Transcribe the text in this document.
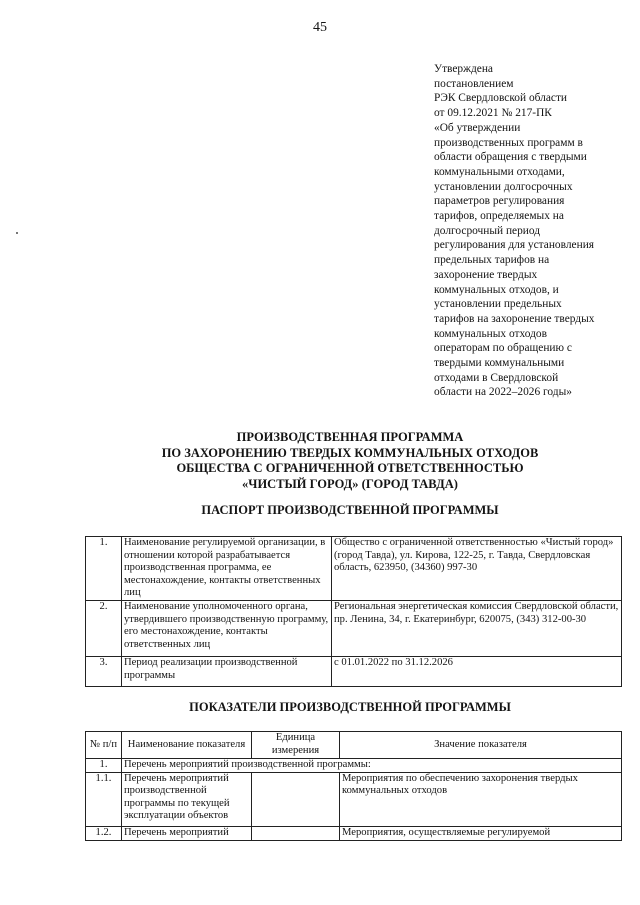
45
Утверждена
постановлением
РЭК Свердловской области
от 09.12.2021 № 217-ПК
«Об утверждении
производственных программ в
области обращения с твердыми
коммунальными отходами,
установлении долгосрочных
параметров регулирования
тарифов, определяемых на
долгосрочный период
регулирования для установления
предельных тарифов на
захоронение твердых
коммунальных отходов, и
установлении предельных
тарифов на захоронение твердых
коммунальных отходов
операторам по обращению с
твердыми коммунальными
отходами в Свердловской
области на 2022–2026 годы»
ПРОИЗВОДСТВЕННАЯ ПРОГРАММА
ПО ЗАХОРОНЕНИЮ ТВЕРДЫХ КОММУНАЛЬНЫХ ОТХОДОВ
ОБЩЕСТВА С ОГРАНИЧЕННОЙ ОТВЕТСТВЕННОСТЬЮ
«ЧИСТЫЙ ГОРОД» (ГОРОД ТАВДА)
ПАСПОРТ ПРОИЗВОДСТВЕННОЙ ПРОГРАММЫ
1.	Наименование регулируемой организации, в отношении которой разрабатывается производственная программа, ее местонахождение, контакты ответственных лиц	Общество с ограниченной ответственностью «Чистый город» (город Тавда), ул. Кирова, 122-25, г. Тавда, Свердловская область, 623950, (34360) 997-30
2.	Наименование уполномоченного органа, утвердившего производственную программу, его местонахождение, контакты ответственных лиц	Региональная энергетическая комиссия Свердловской области, пр. Ленина, 34, г. Екатеринбург, 620075, (343) 312-00-30
3.	Период реализации производственной программы	с 01.01.2022 по 31.12.2026
ПОКАЗАТЕЛИ ПРОИЗВОДСТВЕННОЙ ПРОГРАММЫ
№ п/п	Наименование показателя	Единица измерения	Значение показателя
1.	Перечень мероприятий производственной программы:		
1.1.	Перечень мероприятий производственной программы по текущей эксплуатации объектов		Мероприятия по обеспечению захоронения твердых коммунальных отходов
1.2.	Перечень мероприятий		Мероприятия, осуществляемые регулируемой
